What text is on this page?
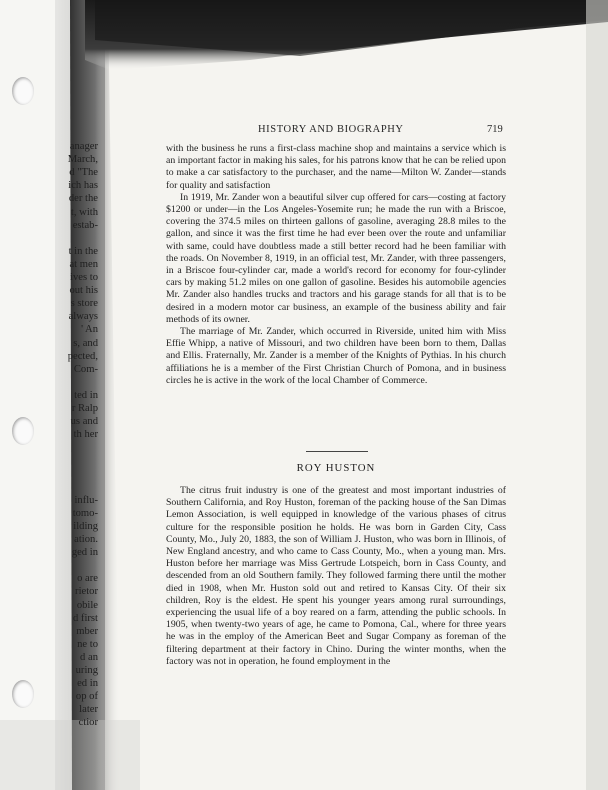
anager
March,
d "The
ich has
der the
t, with
estab-
t in the
at men
ives to
out his
s store
always
' An
s, and
pected,
Com-
ted in
r Ralp
us and
th her
influ-
tomo-
ilding
ation.
ged in
o are
rietor
obile
d first
mber
ne to
d an
uring
ed in
op of
later
ctior
HISTORY AND BIOGRAPHY	719

with the business he runs a first-class machine shop and maintains a service which is an important factor in making his sales, for his patrons know that he can be relied upon to make a car satisfactory to the purchaser, and the name—Milton W. Zander—stands for quality and satisfaction

In 1919, Mr. Zander won a beautiful silver cup offered for cars—costing at factory $1200 or under—in the Los Angeles-Yosemite run; he made the run with a Briscoe, covering the 374.5 miles on thirteen gallons of gasoline, averaging 28.8 miles to the gallon, and since it was the first time he had ever been over the route and unfamiliar with same, could have doubtless made a still better record had he been familiar with the roads. On November 8, 1919, in an official test, Mr. Zander, with three passengers, in a Briscoe four-cylinder car, made a world's record for economy for four-cylinder cars by making 51.2 miles on one gallon of gasoline. Besides his automobile agencies Mr. Zander also handles trucks and tractors and his garage stands for all that is to be desired in a modern motor car business, an example of the business ability and fair methods of its owner.

The marriage of Mr. Zander, which occurred in Riverside, united him with Miss Effie Whipp, a native of Missouri, and two children have been born to them, Dallas and Ellis. Fraternally, Mr. Zander is a member of the Knights of Pythias. In his church affiliations he is a member of the First Christian Church of Pomona, and in business circles he is active in the work of the local Chamber of Commerce.

ROY HUSTON

The citrus fruit industry is one of the greatest and most important industries of Southern California, and Roy Huston, foreman of the packing house of the San Dimas Lemon Association, is well equipped in knowledge of the various phases of citrus culture for the responsible position he holds. He was born in Garden City, Cass County, Mo., July 20, 1883, the son of William J. Huston, who was born in Illinois, of New England ancestry, and who came to Cass County, Mo., when a young man. Mrs. Huston before her marriage was Miss Gertrude Lotspeich, born in Cass County, and descended from an old Southern family. They followed farming there until the mother died in 1908, when Mr. Huston sold out and retired to Kansas City. Of their six children, Roy is the eldest. He spent his younger years among rural surroundings, experiencing the usual life of a boy reared on a farm, attending the public schools. In 1905, when twenty-two years of age, he came to Pomona, Cal., where for three years he was in the employ of the American Beet and Sugar Company as foreman of the filtering department at their factory in Chino. During the winter months, when the factory was not in operation, he found employment in the
